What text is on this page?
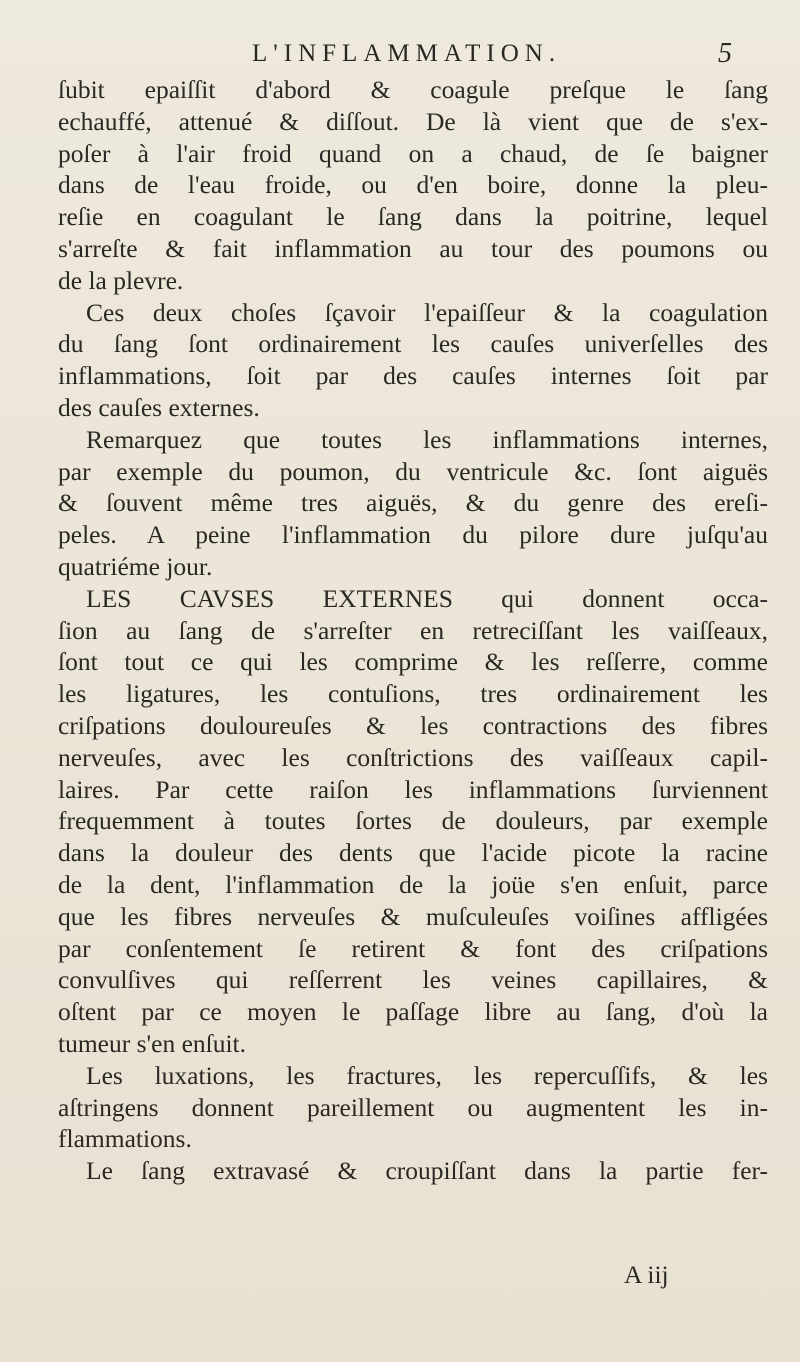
L'INFLAMMATION.	5
ſubit epaiſſit d'abord & coagule preſque le ſang
echauffé, attenué & diſſout. De là vient que de s'ex-
poſer à l'air froid quand on a chaud, de ſe baigner
dans de l'eau froide, ou d'en boire, donne la pleu-
reſie en coagulant le ſang dans la poitrine, lequel
s'arreſte & fait inflammation au tour des poumons ou
de la plevre.
Ces deux choſes ſçavoir l'epaiſſeur & la coagulation
du ſang ſont ordinairement les cauſes univerſelles des
inflammations, ſoit par des cauſes internes ſoit par
des cauſes externes.
Remarquez que toutes les inflammations internes,
par exemple du poumon, du ventricule &c. ſont aiguës
& ſouvent même tres aiguës, & du genre des ereſi-
peles. A peine l'inflammation du pilore dure juſqu'au
quatriéme jour.
LES CAVSES EXTERNES qui donnent occa-
ſion au ſang de s'arreſter en retreciſſant les vaiſſeaux,
ſont tout ce qui les comprime & les reſſerre, comme
les ligatures, les contuſions, tres ordinairement les
criſpations douloureuſes & les contractions des fibres
nerveuſes, avec les conſtrictions des vaiſſeaux capil-
laires. Par cette raiſon les inflammations ſurviennent
frequemment à toutes ſortes de douleurs, par exemple
dans la douleur des dents que l'acide picote la racine
de la dent, l'inflammation de la joüe s'en enſuit, parce
que les fibres nerveuſes & muſculeuſes voiſines affligées
par conſentement ſe retirent & font des criſpations
convulſives qui reſſerrent les veines capillaires, &
oſtent par ce moyen le paſſage libre au ſang, d'où la
tumeur s'en enſuit.
Les luxations, les fractures, les repercuſſifs, & les
aſtringens donnent pareillement ou augmentent les in-
flammations.
Le ſang extravasé & croupiſſant dans la partie fer-
A iij
